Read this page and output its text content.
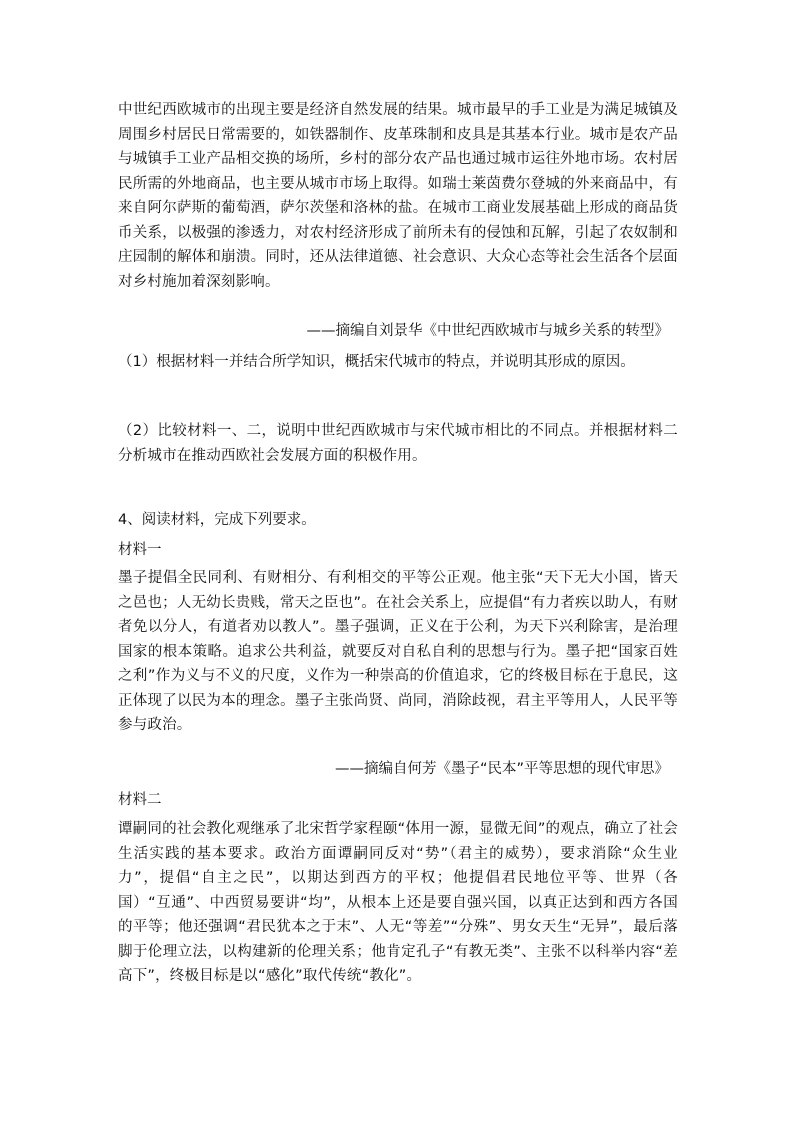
中世纪西欧城市的出现主要是经济自然发展的结果。城市最早的手工业是为满足城镇及周围乡村居民日常需要的，如铁器制作、皮革珠制和皮具是其基本行业。城市是农产品与城镇手工业产品相交换的场所，乡村的部分农产品也通过城市运往外地市场。农村居民所需的外地商品，也主要从城市市场上取得。如瑞士莱茵费尔登城的外来商品中，有来自阿尔萨斯的葡萄酒，萨尔茨堡和洛林的盐。在城市工商业发展基础上形成的商品货币关系，以极强的渗透力，对农村经济形成了前所未有的侵蚀和瓦解，引起了农奴制和庄园制的解体和崩溃。同时，还从法律道德、社会意识、大众心态等社会生活各个层面对乡村施加着深刻影响。

——摘编自刘景华《中世纪西欧城市与城乡关系的转型》

（1）根据材料一并结合所学知识，概括宋代城市的特点，并说明其形成的原因。

（2）比较材料一、二，说明中世纪西欧城市与宋代城市相比的不同点。并根据材料二分析城市在推动西欧社会发展方面的积极作用。

4、阅读材料，完成下列要求。

材料一

墨子提倡全民同利、有财相分、有利相交的平等公正观。他主张“天下无大小国，皆天之邑也；人无幼长贵贱，常天之臣也”。在社会关系上，应提倡“有力者疾以助人，有财者免以分人，有道者劝以教人”。墨子强调，正义在于公利，为天下兴利除害，是治理国家的根本策略。追求公共利益，就要反对自私自利的思想与行为。墨子把“国家百姓之利”作为义与不义的尺度，义作为一种崇高的价值追求，它的终极目标在于息民，这正体现了以民为本的理念。墨子主张尚贤、尚同，消除歧视，君主平等用人，人民平等参与政治。

——摘编自何芳《墨子“民本”平等思想的现代审思》

材料二

谭嗣同的社会教化观继承了北宋哲学家程颐“体用一源，显微无间”的观点，确立了社会生活实践的基本要求。政治方面谭嗣同反对“势”（君主的威势），要求消除“众生业力”，提倡“自主之民”，以期达到西方的平权；他提倡君民地位平等、世界（各国）“互通”、中西贸易要讲“均”，从根本上还是要自强兴国，以真正达到和西方各国的平等；他还强调“君民犹本之于末”、人无“等差”“分殊”、男女天生“无异”，最后落脚于伦理立法，以构建新的伦理关系；他肯定孔子“有教无类”、主张不以科举内容“差高下”，终极目标是以“感化”取代传统“教化”。
